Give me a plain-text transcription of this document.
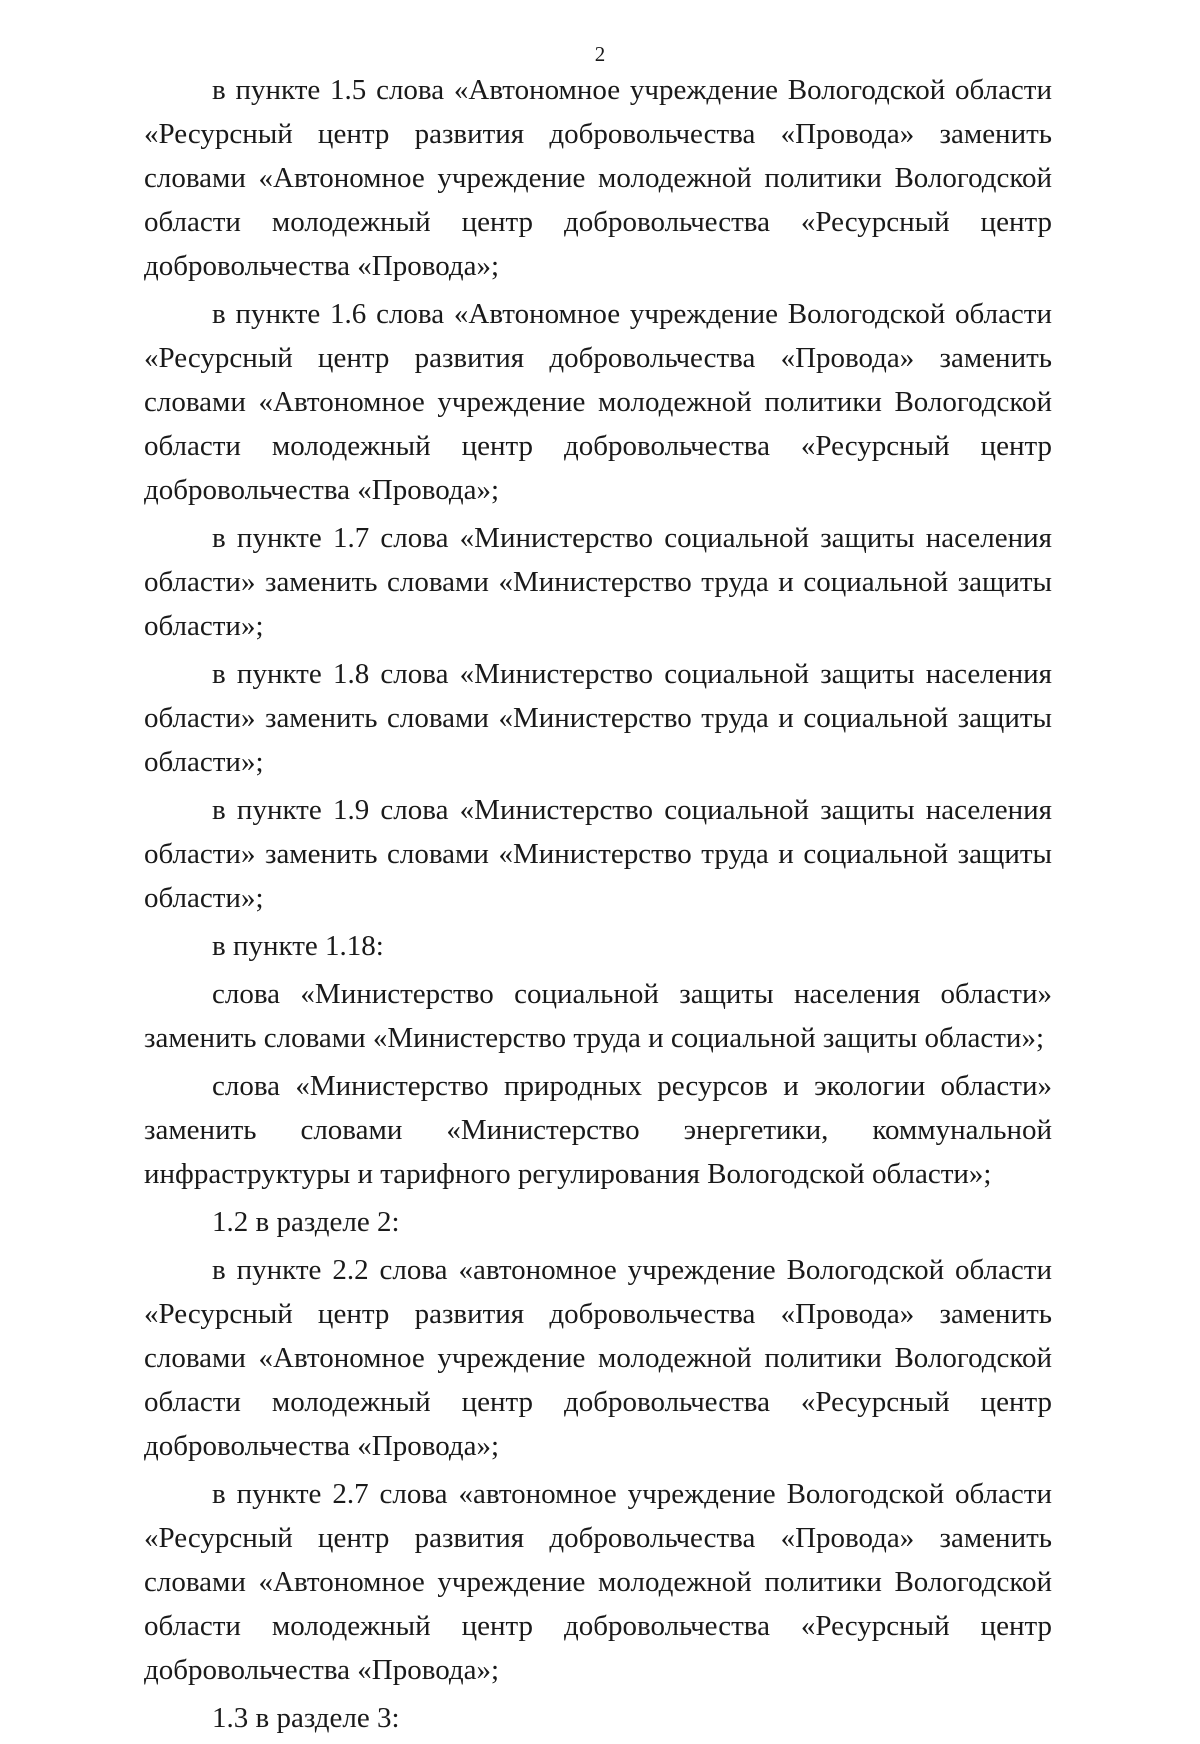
2

в пункте 1.5 слова «Автономное учреждение Вологодской области «Ресурсный центр развития добровольчества «Провода» заменить словами «Автономное учреждение молодежной политики Вологодской области молодежный центр добровольчества «Ресурсный центр добровольчества «Провода»;

в пункте 1.6 слова «Автономное учреждение Вологодской области «Ресурсный центр развития добровольчества «Провода» заменить словами «Автономное учреждение молодежной политики Вологодской области молодежный центр добровольчества «Ресурсный центр добровольчества «Провода»;

в пункте 1.7 слова «Министерство социальной защиты населения области» заменить словами «Министерство труда и социальной защиты области»;

в пункте 1.8 слова «Министерство социальной защиты населения области» заменить словами «Министерство труда и социальной защиты области»;

в пункте 1.9 слова «Министерство социальной защиты населения области» заменить словами «Министерство труда и социальной защиты области»;

в пункте 1.18:

слова «Министерство социальной защиты населения области» заменить словами «Министерство труда и социальной защиты области»;

слова «Министерство природных ресурсов и экологии области» заменить словами «Министерство энергетики, коммунальной инфраструктуры и тарифного регулирования Вологодской области»;

1.2 в разделе 2:

в пункте 2.2 слова «автономное учреждение Вологодской области «Ресурсный центр развития добровольчества «Провода» заменить словами «Автономное учреждение молодежной политики Вологодской области молодежный центр добровольчества «Ресурсный центр добровольчества «Провода»;

в пункте 2.7 слова «автономное учреждение Вологодской области «Ресурсный центр развития добровольчества «Провода» заменить словами «Автономное учреждение молодежной политики Вологодской области молодежный центр добровольчества «Ресурсный центр добровольчества «Провода»;

1.3 в разделе 3:
